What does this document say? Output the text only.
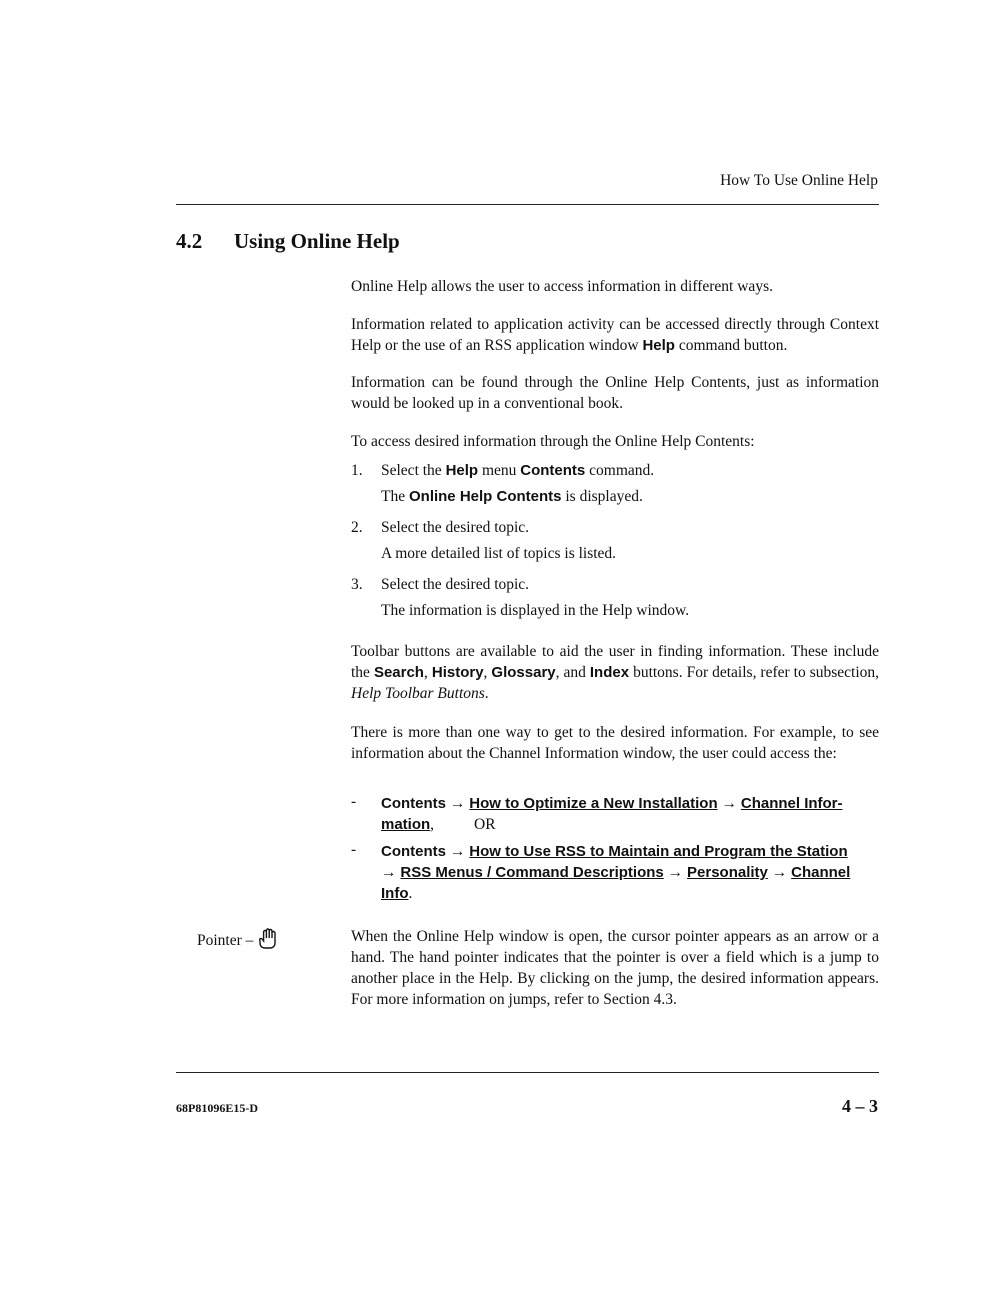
How To Use Online Help
4.2 Using Online Help
Online Help allows the user to access information in different ways.
Information related to application activity can be accessed directly through Context Help or the use of an RSS application window Help command button.
Information can be found through the Online Help Contents, just as information would be looked up in a conventional book.
To access desired information through the Online Help Contents:
1. Select the Help menu Contents command.
The Online Help Contents is displayed.
2. Select the desired topic.
A more detailed list of topics is listed.
3. Select the desired topic.
The information is displayed in the Help window.
Toolbar buttons are available to aid the user in finding information. These include the Search, History, Glossary, and Index buttons. For details, refer to subsection, Help Toolbar Buttons.
There is more than one way to get to the desired information. For example, to see information about the Channel Information window, the user could access the:
- Contents → How to Optimize a New Installation → Channel Infor-
mation,	OR
- Contents → How to Use RSS to Maintain and Program the Station
→ RSS Menus / Command Descriptions → Personality → Channel
Info.
Pointer –	When the Online Help window is open, the cursor pointer appears as an arrow or a hand. The hand pointer indicates that the pointer is over a field which is a jump to another place in the Help. By clicking on the jump, the desired information appears. For more information on jumps, refer to Section 4.3.
68P81096E15-D	4 – 3
